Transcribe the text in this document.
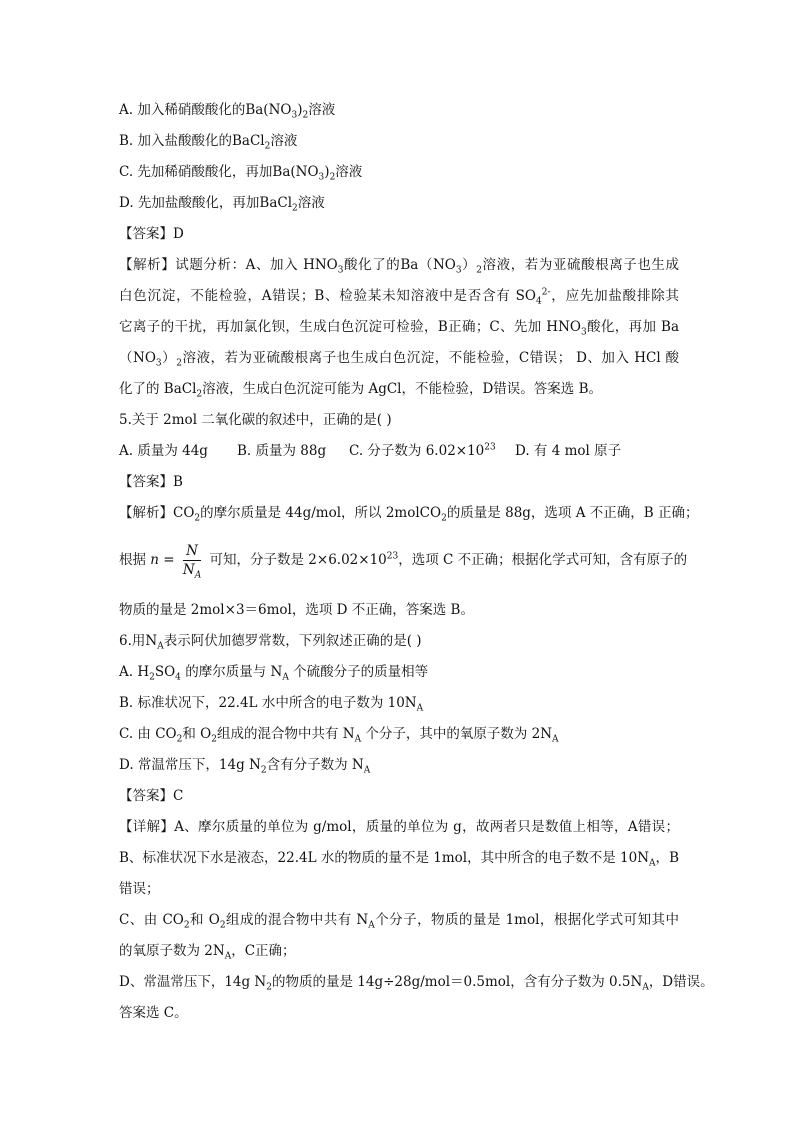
A. 加入稀硝酸酸化的$Ba(NO_3)_2$溶液
B. 加入盐酸酸化的BaCl$_2$溶液
C. 先加稀硝酸酸化，再加$Ba(NO_3)_2$溶液
D. 先加盐酸酸化，再加BaCl$_2$溶液
【答案】D
【解析】试题分析：A、加入 $HNO_3$酸化了的$Ba(NO_3)_2$溶液，若为亚硫酸根离子也生成
白色沉淀，不能检验，A错误；B、检验某未知溶液中是否含有 $SO_4^{2-}$，应先加盐酸排除其
它离子的干扰，再加氯化钡，生成白色沉淀可检验，B正确；C、先加 $HNO_3$酸化，再加 Ba
$(NO_3)_2$溶液，若为亚硫酸根离子也生成白色沉淀，不能检验，C错误； D、加入 HCl 酸
化了的 BaCl$_2$溶液，生成白色沉淀可能为 AgCl，不能检验，D错误。答案选 B。
5.关于 2mol 二氧化碳的叙述中，正确的是( )
A. 质量为 44g B. 质量为 88g C. 分子数为 $6.02\times 10^{23}$ D. 有 4 mol 原子
【答案】B
【解析】$CO_2$的摩尔质量是 44g/mol，所以 2molCO$_2$的质量是 88g，选项 A 不正确，B 正确；
根据 $n = \frac{N}{N_A}$ 可知，分子数是 $2\times 6.02\times 10^{23}$，选项 C 不正确；根据化学式可知，含有原子的
物质的量是 2mol×3＝6mol，选项 D 不正确，答案选 B。
6.用$N_A$表示阿伏加德罗常数，下列叙述正确的是( )
A. $H_2SO_4$ 的摩尔质量与 $N_A$ 个硫酸分子的质量相等
B. 标准状况下，22.4L 水中所含的电子数为 $10N_A$
C. 由 $CO_2$和 $O_2$组成的混合物中共有 $N_A$ 个分子，其中的氧原子数为 $2N_A$
D. 常温常压下，14g $N_2$含有分子数为 $N_A$
【答案】C
【详解】A、摩尔质量的单位为 g/mol，质量的单位为 g，故两者只是数值上相等，A错误；
B、标准状况下水是液态，22.4L 水的物质的量不是 1mol，其中所含的电子数不是 $10N_A$，B
错误；
C、由 $CO_2$和 $O_2$组成的混合物中共有 $N_A$个分子，物质的量是 1mol，根据化学式可知其中
的氧原子数为 $2N_A$，C正确；
D、常温常压下，14g $N_2$的物质的量是 14g÷28g/mol＝0.5mol，含有分子数为 $0.5N_A$，D错误。
答案选 C。
